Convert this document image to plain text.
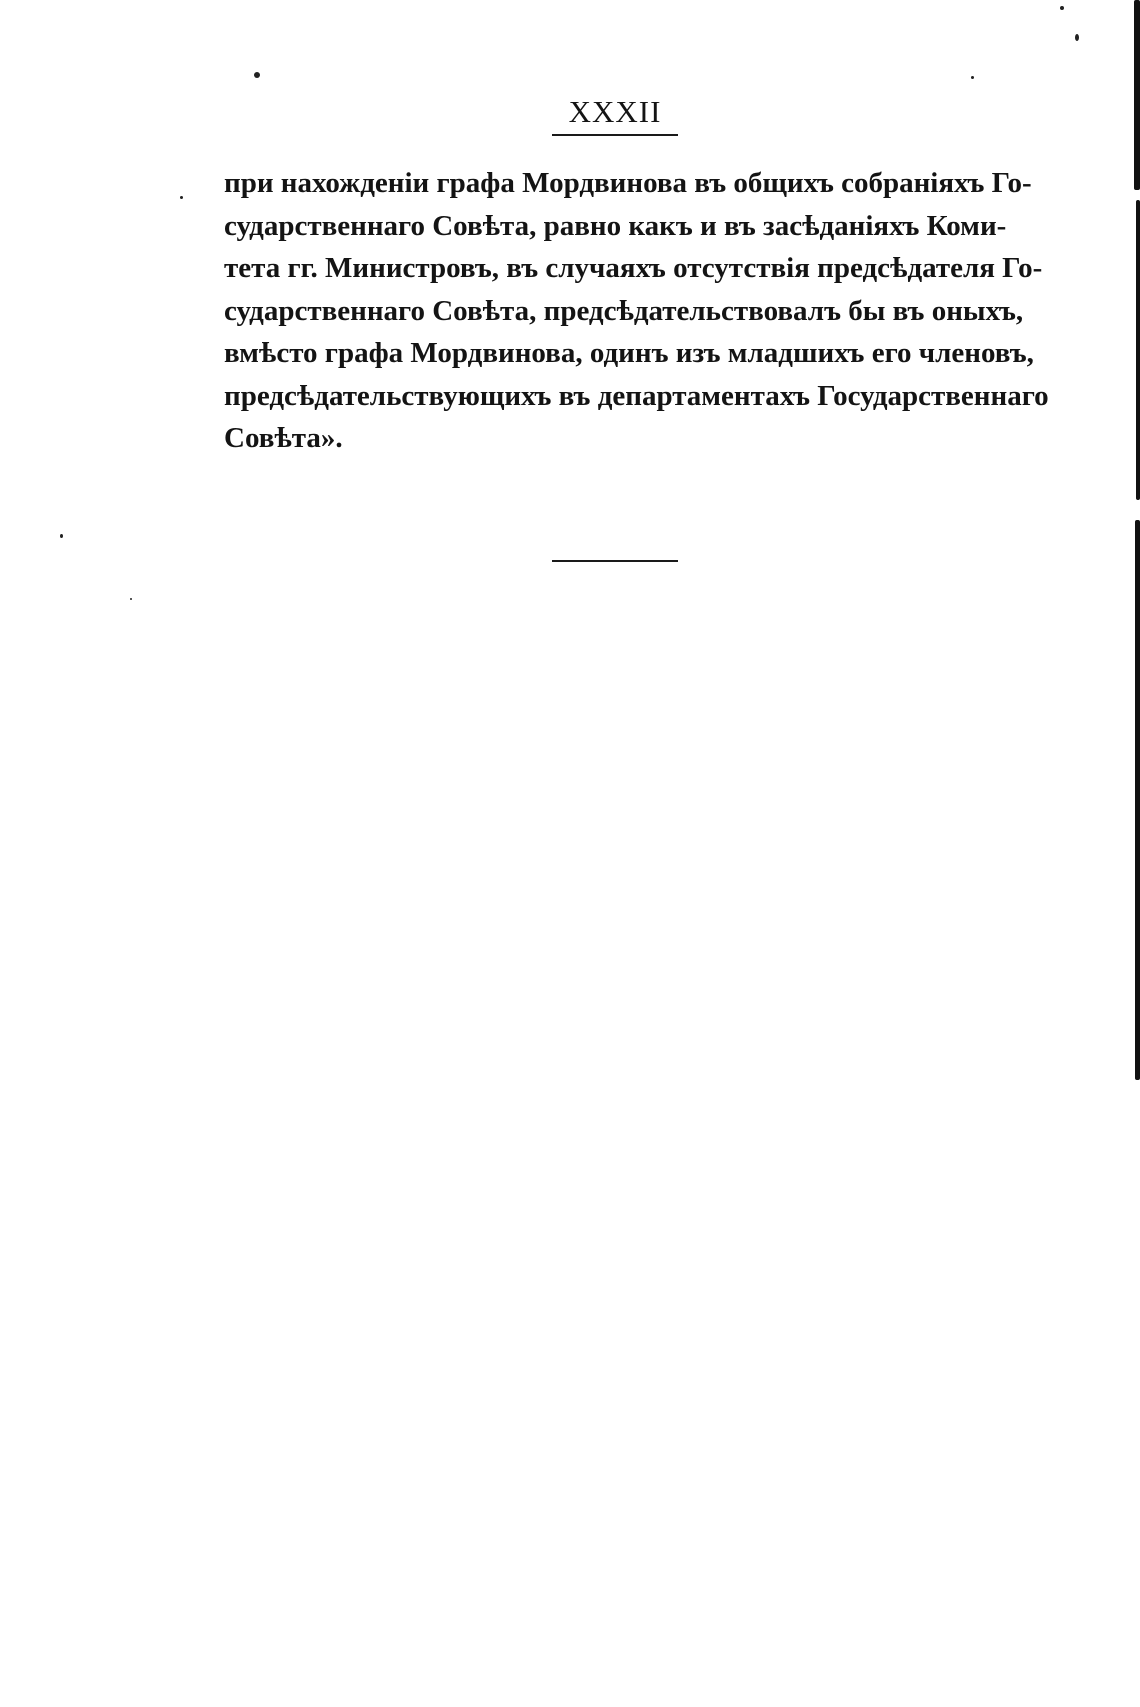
XXXII
при нахожденіи графа Мордвинова въ общихъ собраніяхъ Го-
сударственнаго Совѣта, равно какъ и въ засѣданіяхъ Коми-
тета гг. Министровъ, въ случаяхъ отсутствія предсѣдателя Го-
сударственнаго Совѣта, предсѣдательствовалъ бы въ оныхъ,
вмѣсто графа Мордвинова, одинъ изъ младшихъ его членовъ,
предсѣдательствующихъ въ департаментахъ Государственнаго
Совѣта».
